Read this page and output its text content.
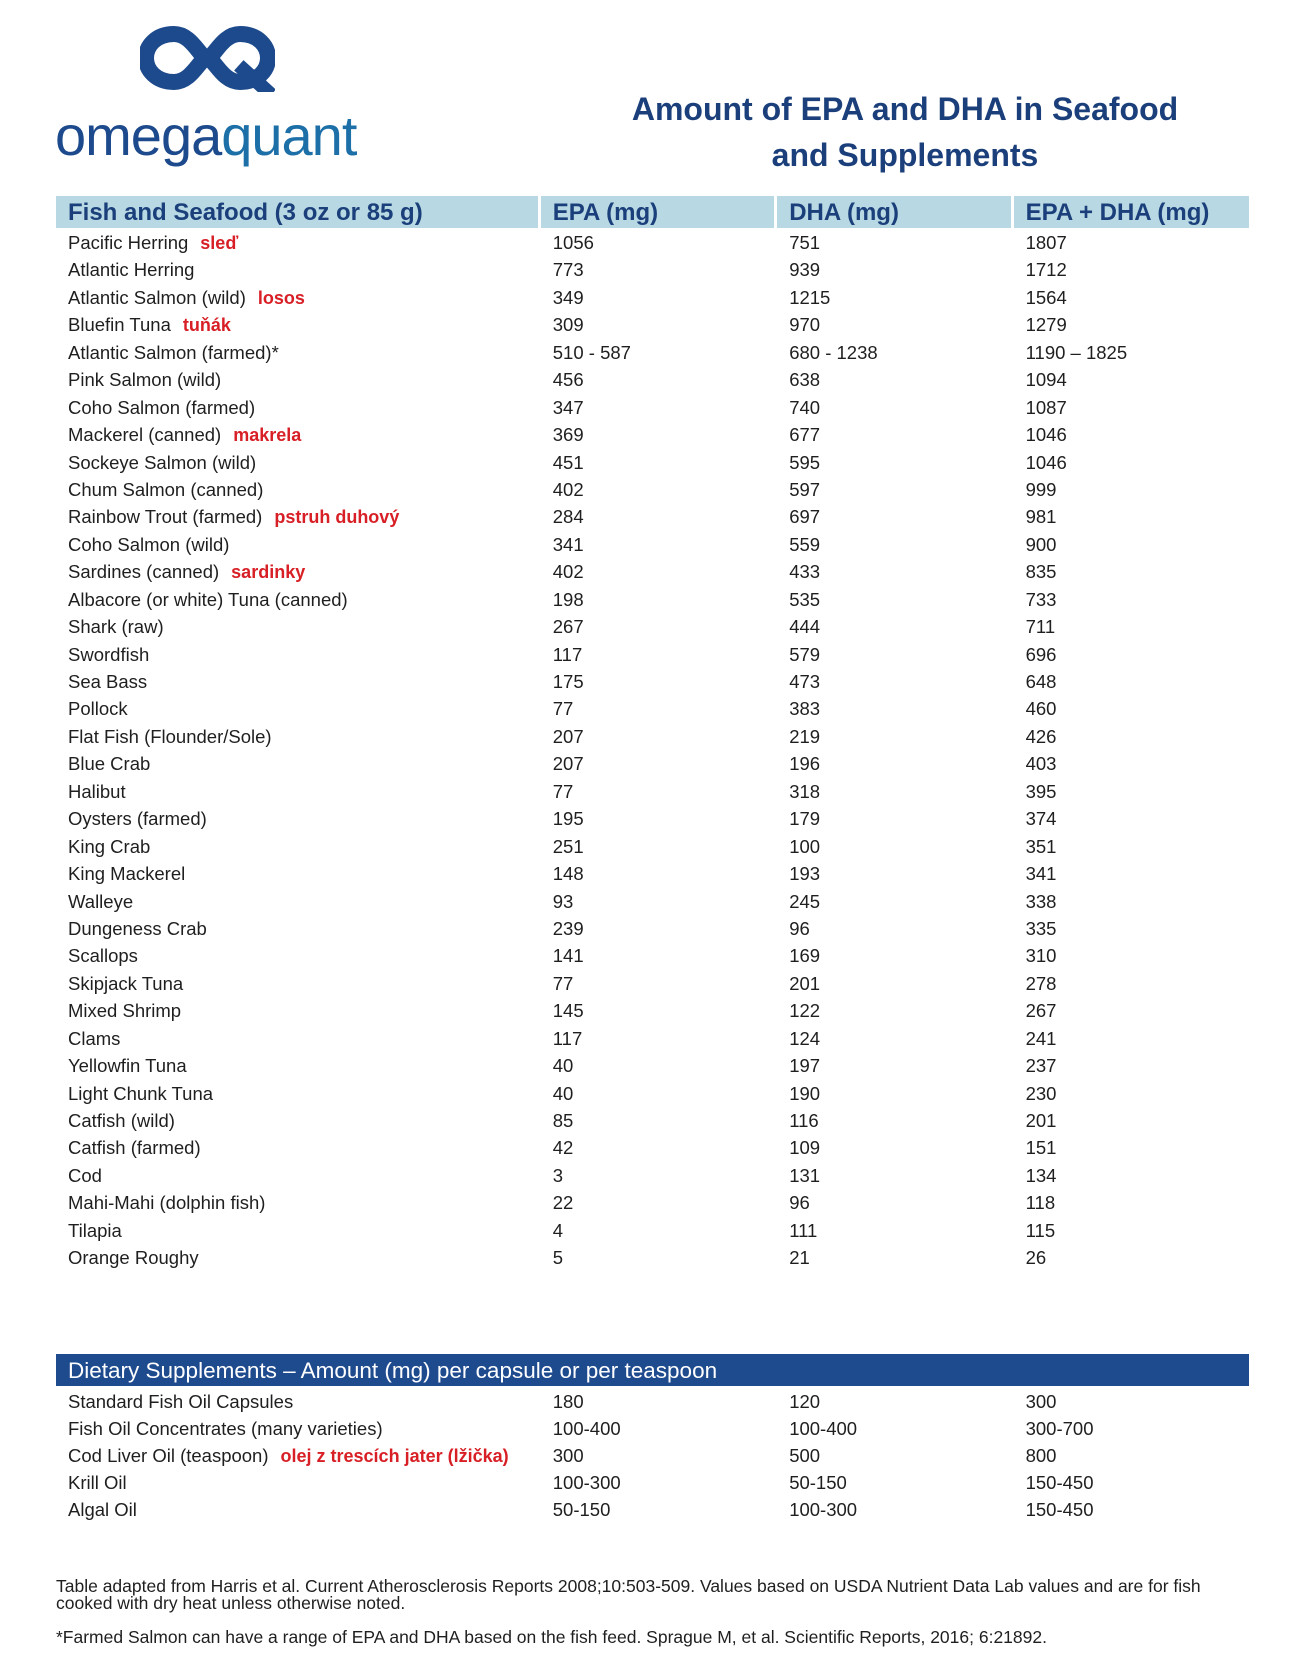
omegaquant	Amount of EPA and DHA in Seafood
and Supplements
Fish and Seafood (3 oz or 85 g)	EPA (mg)	DHA (mg)	EPA + DHA (mg)
Pacific Herring sleď	1056	751	1807
Atlantic Herring	773	939	1712
Atlantic Salmon (wild) losos	349	1215	1564
Bluefin Tuna tuňák	309	970	1279
Atlantic Salmon (farmed)*	510 - 587	680 - 1238	1190 – 1825
Pink Salmon (wild)	456	638	1094
Coho Salmon (farmed)	347	740	1087
Mackerel (canned) makrela	369	677	1046
Sockeye Salmon (wild)	451	595	1046
Chum Salmon (canned)	402	597	999
Rainbow Trout (farmed) pstruh duhový	284	697	981
Coho Salmon (wild)	341	559	900
Sardines (canned) sardinky	402	433	835
Albacore (or white) Tuna (canned)	198	535	733
Shark (raw)	267	444	711
Swordfish	117	579	696
Sea Bass	175	473	648
Pollock	77	383	460
Flat Fish (Flounder/Sole)	207	219	426
Blue Crab	207	196	403
Halibut	77	318	395
Oysters (farmed)	195	179	374
King Crab	251	100	351
King Mackerel	148	193	341
Walleye	93	245	338
Dungeness Crab	239	96	335
Scallops	141	169	310
Skipjack Tuna	77	201	278
Mixed Shrimp	145	122	267
Clams	117	124	241
Yellowfin Tuna	40	197	237
Light Chunk Tuna	40	190	230
Catfish (wild)	85	116	201
Catfish (farmed)	42	109	151
Cod	3	131	134
Mahi-Mahi (dolphin fish)	22	96	118
Tilapia	4	111	115
Orange Roughy	5	21	26
Dietary Supplements – Amount (mg) per capsule or per teaspoon
Standard Fish Oil Capsules	180	120	300
Fish Oil Concentrates (many varieties)	100-400	100-400	300-700
Cod Liver Oil (teaspoon) olej z trescích jater (lžička)	300	500	800
Krill Oil	100-300	50-150	150-450
Algal Oil	50-150	100-300	150-450
Table adapted from Harris et al. Current Atherosclerosis Reports 2008;10:503-509. Values based on USDA Nutrient Data Lab values and are for fish cooked with dry heat unless otherwise noted.
*Farmed Salmon can have a range of EPA and DHA based on the fish feed. Sprague M, et al. Scientific Reports, 2016; 6:21892.
